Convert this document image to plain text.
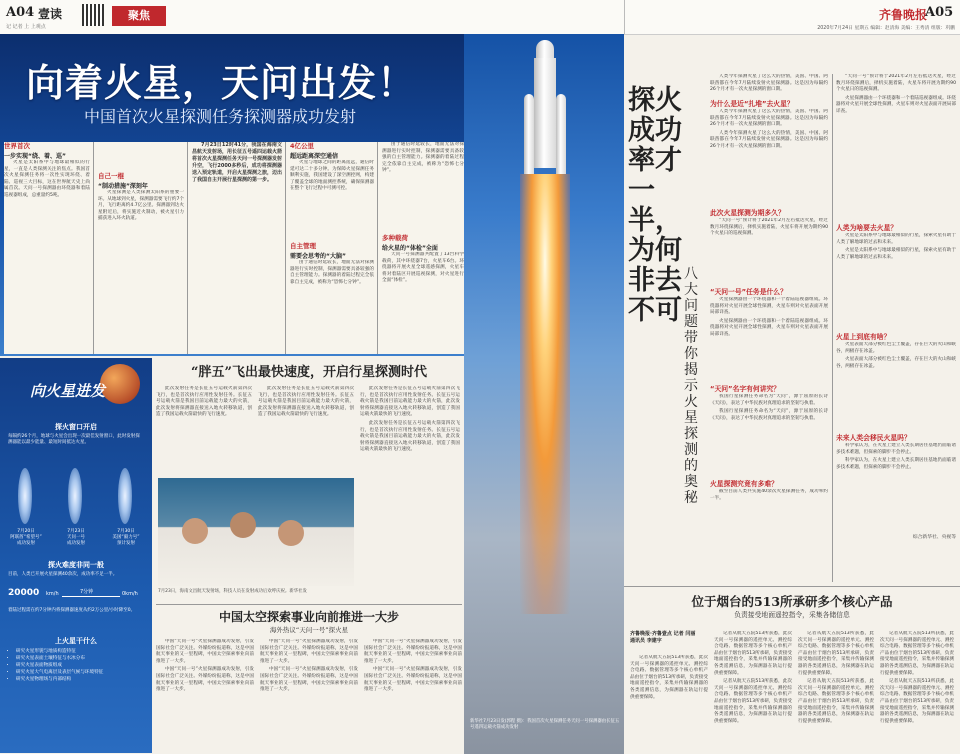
A04 壹读
记 记者 上 上观点
聚焦	齐鲁晚报
A05
2020年7月24日 星期五 编辑：赵清海 美编：王秀清 组版：巩鹏
向着火星，天问出发！
中国首次火星探测任务探测器成功发射
世界首次
一步实现“绕、着、巡”

火星是太阳系中与地球最相似的行星，一直是人类探测关注的焦点。我国首次火星探测任务将一次性实现环绕、着陆、巡视三大目标，这在世界航天史上尚属首次。天问一号探测器由环绕器和着陆巡视器组成，总重量约5吨。

自己一棍
“制动措施”深刻年

火星探测是人类探测太阳系的重要一环。从地球到火星，探测器需要飞行约7个月，飞行距离约4.7亿公里。探测器到达火星附近后，将实施近火制动，被火星引力捕获进入环火轨道。

7月23日12时41分，我国在海南文昌航天发射场，用长征五号遥四运载火箭将首次火星探测任务天问一号探测器发射升空，飞行2000多秒后，成功将探测器送入预定轨道，开启火星探测之旅，迈出了我国自主开展行星探测的第一步。

4亿公里
超远距离深空通信

火星与地球之间的距离遥远，通信时延可达二十多分钟。为保障火星探测任务顺利实施，我国建设了深空测控网，构建了覆盖全球的地面测控系统，确保探测器在整个飞行过程中可测可控。

自主管理
需要会思考的“大脑”

由于通信时延较长，地面无法对探测器进行实时控制，探测器需要具备较强的自主管理能力。探测器的着陆过程完全依靠自主完成，被称为“恐怖七分钟”。

由于通信时延较长，地面无法对探测器进行实时控制，探测器需要具备较强的自主管理能力。探测器的着陆过程完全依靠自主完成，被称为“恐怖七分钟”。

多种载荷
给火星的“体检”全面

天问一号探测器共配置了13台科学载荷，其中环绕器7台，火星车6台。环绕器将开展火星全球遥感探测，火星车将对着陆区开展巡视探测，对火星进行全面“体检”。

新华社7月23日发(郭程 摄)：我国首次火星探测任务天问一号探测器由长征五号遥四运载火箭成功发射
向火星进发
探火窗口开启
每隔约26个月，地球与火星会出现一次最佳发射窗口，此时发射探测器能以最少能量、最短时间抵达火星。
7月20日
阿联酋“希望号”
成功发射
7月23日
天问一号
成功发射
7月30日
美国“毅力号”
预计发射
探火难度非同一般
目前，人类已开展火星探测40余次，成功率不足一半。
20000 km/h	7分钟	0km/h
着陆过程需在约7分钟内将探测器速度从约2万公里/小时降至0。
上火星干什么
• 研究火星形貌与地质构造特征
• 研究火星表面土壤特征与水冰分布
• 研究火星表面物质组成
• 研究火星大气电离层及表层气候与环境特征
• 研究火星物理场与内部结构
“胖五”飞出最快速度，开启行星探测时代

此次发射任务是长征五号运载火箭第四次飞行，也是首次执行应用性发射任务。长征五号运载火箭是我国目前运载能力最大的火箭，此次发射将探测器直接送入地火转移轨道，创造了我国运载火箭最快的飞行速度。

此次发射任务是长征五号运载火箭第四次飞行，也是首次执行应用性发射任务。长征五号运载火箭是我国目前运载能力最大的火箭，此次发射将探测器直接送入地火转移轨道，创造了我国运载火箭最快的飞行速度。

此次发射任务是长征五号运载火箭第四次飞行，也是首次执行应用性发射任务。长征五号运载火箭是我国目前运载能力最大的火箭，此次发射将探测器直接送入地火转移轨道，创造了我国运载火箭最快的飞行速度。

此次发射任务是长征五号运载火箭第四次飞行，也是首次执行应用性发射任务。长征五号运载火箭是我国目前运载能力最大的火箭，此次发射将探测器直接送入地火转移轨道，创造了我国运载火箭最快的飞行速度。

7月23日，海南文昌航天发射场，科技人员在发射成功后欢呼庆祝。新华社发
中国太空探索事业向前推进一大步
海外热议“天问一号”探火星

中国“天问一号”火星探测器成功发射，引发国际社会广泛关注。外媒纷纷报道称，这是中国航天事业的又一里程碑，中国太空探索事业向前推进了一大步。

中国“天问一号”火星探测器成功发射，引发国际社会广泛关注。外媒纷纷报道称，这是中国航天事业的又一里程碑，中国太空探索事业向前推进了一大步。

中国“天问一号”火星探测器成功发射，引发国际社会广泛关注。外媒纷纷报道称，这是中国航天事业的又一里程碑，中国太空探索事业向前推进了一大步。

中国“天问一号”火星探测器成功发射，引发国际社会广泛关注。外媒纷纷报道称，这是中国航天事业的又一里程碑，中国太空探索事业向前推进了一大步。

中国“天问一号”火星探测器成功发射，引发国际社会广泛关注。外媒纷纷报道称，这是中国航天事业的又一里程碑，中国太空探索事业向前推进了一大步。

中国“天问一号”火星探测器成功发射，引发国际社会广泛关注。外媒纷纷报道称，这是中国航天事业的又一里程碑，中国太空探索事业向前推进了一大步。

探火成功率才一半，为何非去不可
八大问题带你揭示火星探测的奥秘

人类今年探测火星了这么大的热情，美国、中国、阿联酋都在今年7月陆续发射火星探测器。这是因为每隔约26个月才有一次火星探测的窗口期。

为什么是近“扎堆”去火星？

人类今年探测火星了这么大的热情，美国、中国、阿联酋都在今年7月陆续发射火星探测器。这是因为每隔约26个月才有一次火星探测的窗口期。

人类今年探测火星了这么大的热情，美国、中国、阿联酋都在今年7月陆续发射火星探测器。这是因为每隔约26个月才有一次火星探测的窗口期。

此次火星探测为期多久？

“天问一号”预计将于2021年2月左右抵达火星，经过数月环绕探测后，择机实施着陆，火星车将开展为期约90个火星日的巡视探测。

“天问一号”任务是什么？

火星探测器由一个环绕器和一个着陆巡视器组成。环绕器将对火星开展全球性探测，火星车则对火星表面开展局部详查。

火星探测器由一个环绕器和一个着陆巡视器组成。环绕器将对火星开展全球性探测，火星车则对火星表面开展局部详查。

“天问”名字有何讲究？

我国行星探测任务命名为“天问”，源于屈原的长诗《天问》，表达了中华民族对真理追求的坚韧与执着。

我国行星探测任务命名为“天问”，源于屈原的长诗《天问》，表达了中华民族对真理追求的坚韧与执着。

火星探测究竟有多难？

截至目前人类共实施40余次火星探测任务，成功率约一半。

“天问一号”预计将于2021年2月左右抵达火星，经过数月环绕探测后，择机实施着陆，火星车将开展为期约90个火星日的巡视探测。

火星探测器由一个环绕器和一个着陆巡视器组成。环绕器将对火星开展全球性探测，火星车则对火星表面开展局部详查。

人类为啥要去火星？

火星是太阳系中与地球最相似的行星，探索火星有助于人类了解地球的过去和未来。

火星是太阳系中与地球最相似的行星，探索火星有助于人类了解地球的过去和未来。

火星上到底有啥？

火星表面大部分被红色尘土覆盖，存在巨大的火山和峡谷，两极存在冰盖。

火星表面大部分被红色尘土覆盖，存在巨大的火山和峡谷，两极存在冰盖。

未来人类会移民火星吗？

科学家认为，在火星上建立人类长期居住基地仍面临诸多技术难题，但探索的脚步不会停止。

科学家认为，在火星上建立人类长期居住基地仍面临诸多技术难题，但探索的脚步不会停止。

综合新华社、央视等
位于烟台的513所承研多个核心产品
负责接受地面遥控指令，采集各储信息
齐鲁晚报·齐鲁壹点 记者 闫丽 通讯员 李建宇

记者从航天五院513所获悉，此次天问一号探测器的遥控单元、测控综合电路、数据管理等多个核心单机产品由位于烟台的513所承研，负责接受地面遥控指令，采集并传输探测器的各类遥测信息，为探测器在轨运行提供重要保障。

记者从航天五院513所获悉，此次天问一号探测器的遥控单元、测控综合电路、数据管理等多个核心单机产品由位于烟台的513所承研，负责接受地面遥控指令，采集并传输探测器的各类遥测信息，为探测器在轨运行提供重要保障。

记者从航天五院513所获悉，此次天问一号探测器的遥控单元、测控综合电路、数据管理等多个核心单机产品由位于烟台的513所承研，负责接受地面遥控指令，采集并传输探测器的各类遥测信息，为探测器在轨运行提供重要保障。

记者从航天五院513所获悉，此次天问一号探测器的遥控单元、测控综合电路、数据管理等多个核心单机产品由位于烟台的513所承研，负责接受地面遥控指令，采集并传输探测器的各类遥测信息，为探测器在轨运行提供重要保障。

记者从航天五院513所获悉，此次天问一号探测器的遥控单元、测控综合电路、数据管理等多个核心单机产品由位于烟台的513所承研，负责接受地面遥控指令，采集并传输探测器的各类遥测信息，为探测器在轨运行提供重要保障。

记者从航天五院513所获悉，此次天问一号探测器的遥控单元、测控综合电路、数据管理等多个核心单机产品由位于烟台的513所承研，负责接受地面遥控指令，采集并传输探测器的各类遥测信息，为探测器在轨运行提供重要保障。

记者从航天五院513所获悉，此次天问一号探测器的遥控单元、测控综合电路、数据管理等多个核心单机产品由位于烟台的513所承研，负责接受地面遥控指令，采集并传输探测器的各类遥测信息，为探测器在轨运行提供重要保障。
